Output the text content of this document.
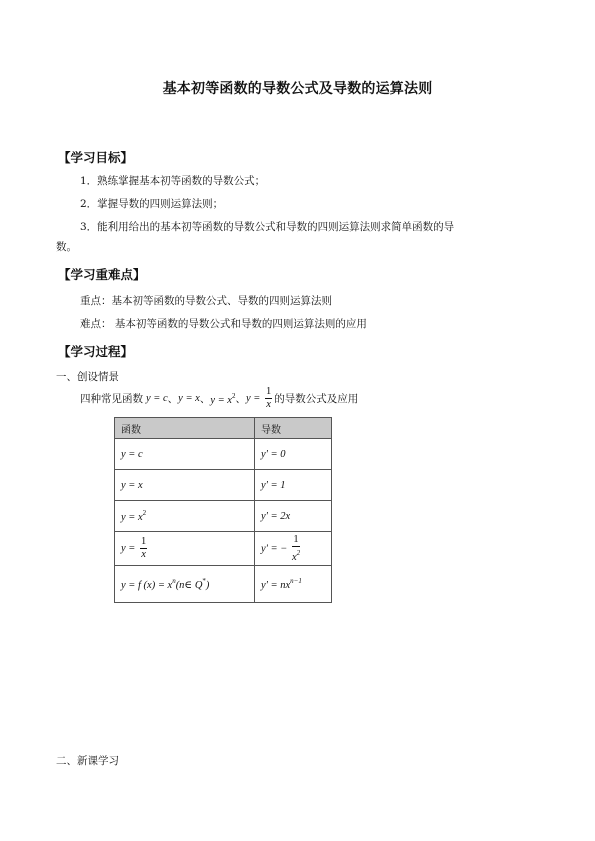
基本初等函数的导数公式及导数的运算法则
【学习目标】
1．熟练掌握基本初等函数的导数公式；
2．掌握导数的四则运算法则；
3．能利用给出的基本初等函数的导数公式和导数的四则运算法则求简单函数的导
数。
【学习重难点】
重点：基本初等函数的导数公式、导数的四则运算法则
难点： 基本初等函数的导数公式和导数的四则运算法则的应用
【学习过程】
一、创设情景
四种常见函数 y = c 、 y = x 、 $y = x^2$ 、 $y = \frac{1}{x}$ 的导数公式及应用
函数	导数
y = c	y' = 0
y = x	y' = 1
$y = x^2$	y' = 2x
$y = \frac{1}{x}$	y' = − $\frac{1}{x^2}$

y = f $(x) = x^n(n\in$ Q*)	$y' = nx^{n-1}$
二、新课学习
